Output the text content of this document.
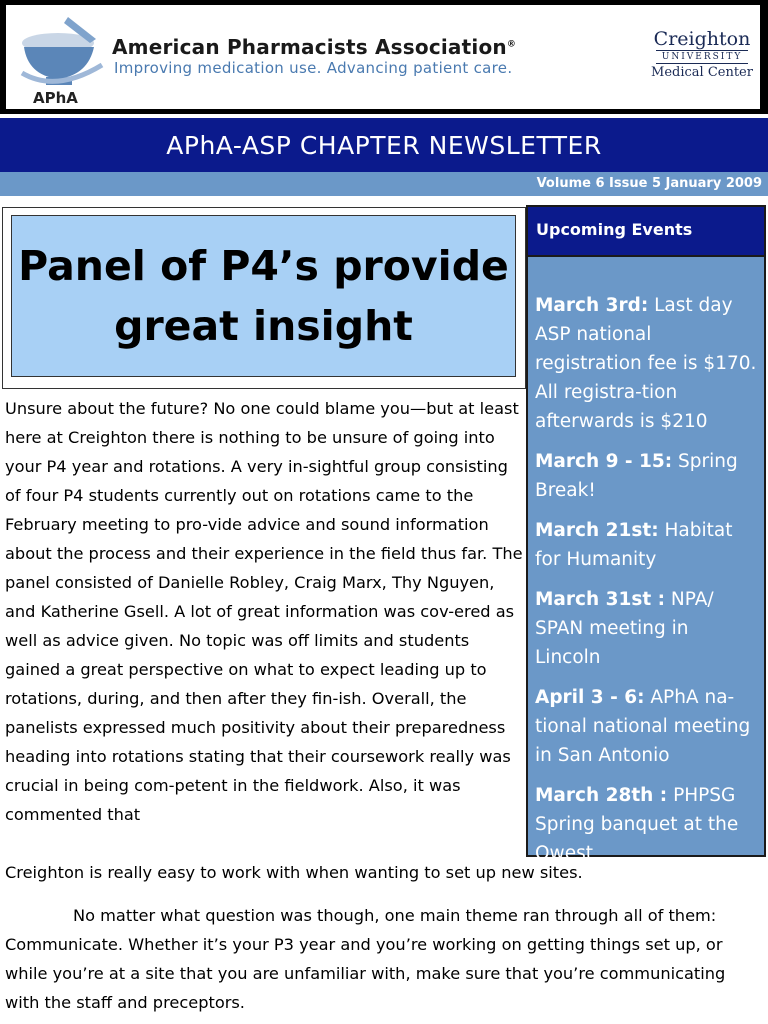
APhA
American Pharmacists Association®
Improving medication use. Advancing patient care.
Creighton
UNIVERSITY
Medical Center
APhA-ASP CHAPTER NEWSLETTER
Volume 6 Issue 5 January 2009
Panel of P4’s provide great insight

Unsure about the future? No one could blame you—but at least here at Creighton there is nothing to be unsure of going into your P4 year and rotations. A very in-sightful group consisting of four P4 students currently out on rotations came to the February meeting to pro-vide advice and sound information about the process and their experience in the field thus far. The panel consisted of Danielle Robley, Craig Marx, Thy Nguyen, and Katherine Gsell. A lot of great information was cov-ered as well as advice given. No topic was off limits and students gained a great perspective on what to expect leading up to rotations, during, and then after they fin-ish. Overall, the panelists expressed much positivity about their preparedness heading into rotations stating that their coursework really was crucial in being com-petent in the fieldwork. Also, it was commented that

Creighton is really easy to work with when wanting to set up new sites.

No matter what question was though, one main theme ran through all of them: Communicate. Whether it’s your P3 year and you’re working on getting things set up, or while you’re at a site that you are unfamiliar with, make sure that you’re communicating with the staff and preceptors.

Upcoming Events
March 3rd: Last day ASP national registration fee is $170. All registra-tion afterwards is $210
March 9 - 15: Spring Break!
March 21st: Habitat for Humanity
March 31st : NPA/ SPAN meeting in Lincoln
April 3 - 6: APhA na-tional national meeting in San Antonio
March 28th : PHPSG Spring banquet at the Qwest
